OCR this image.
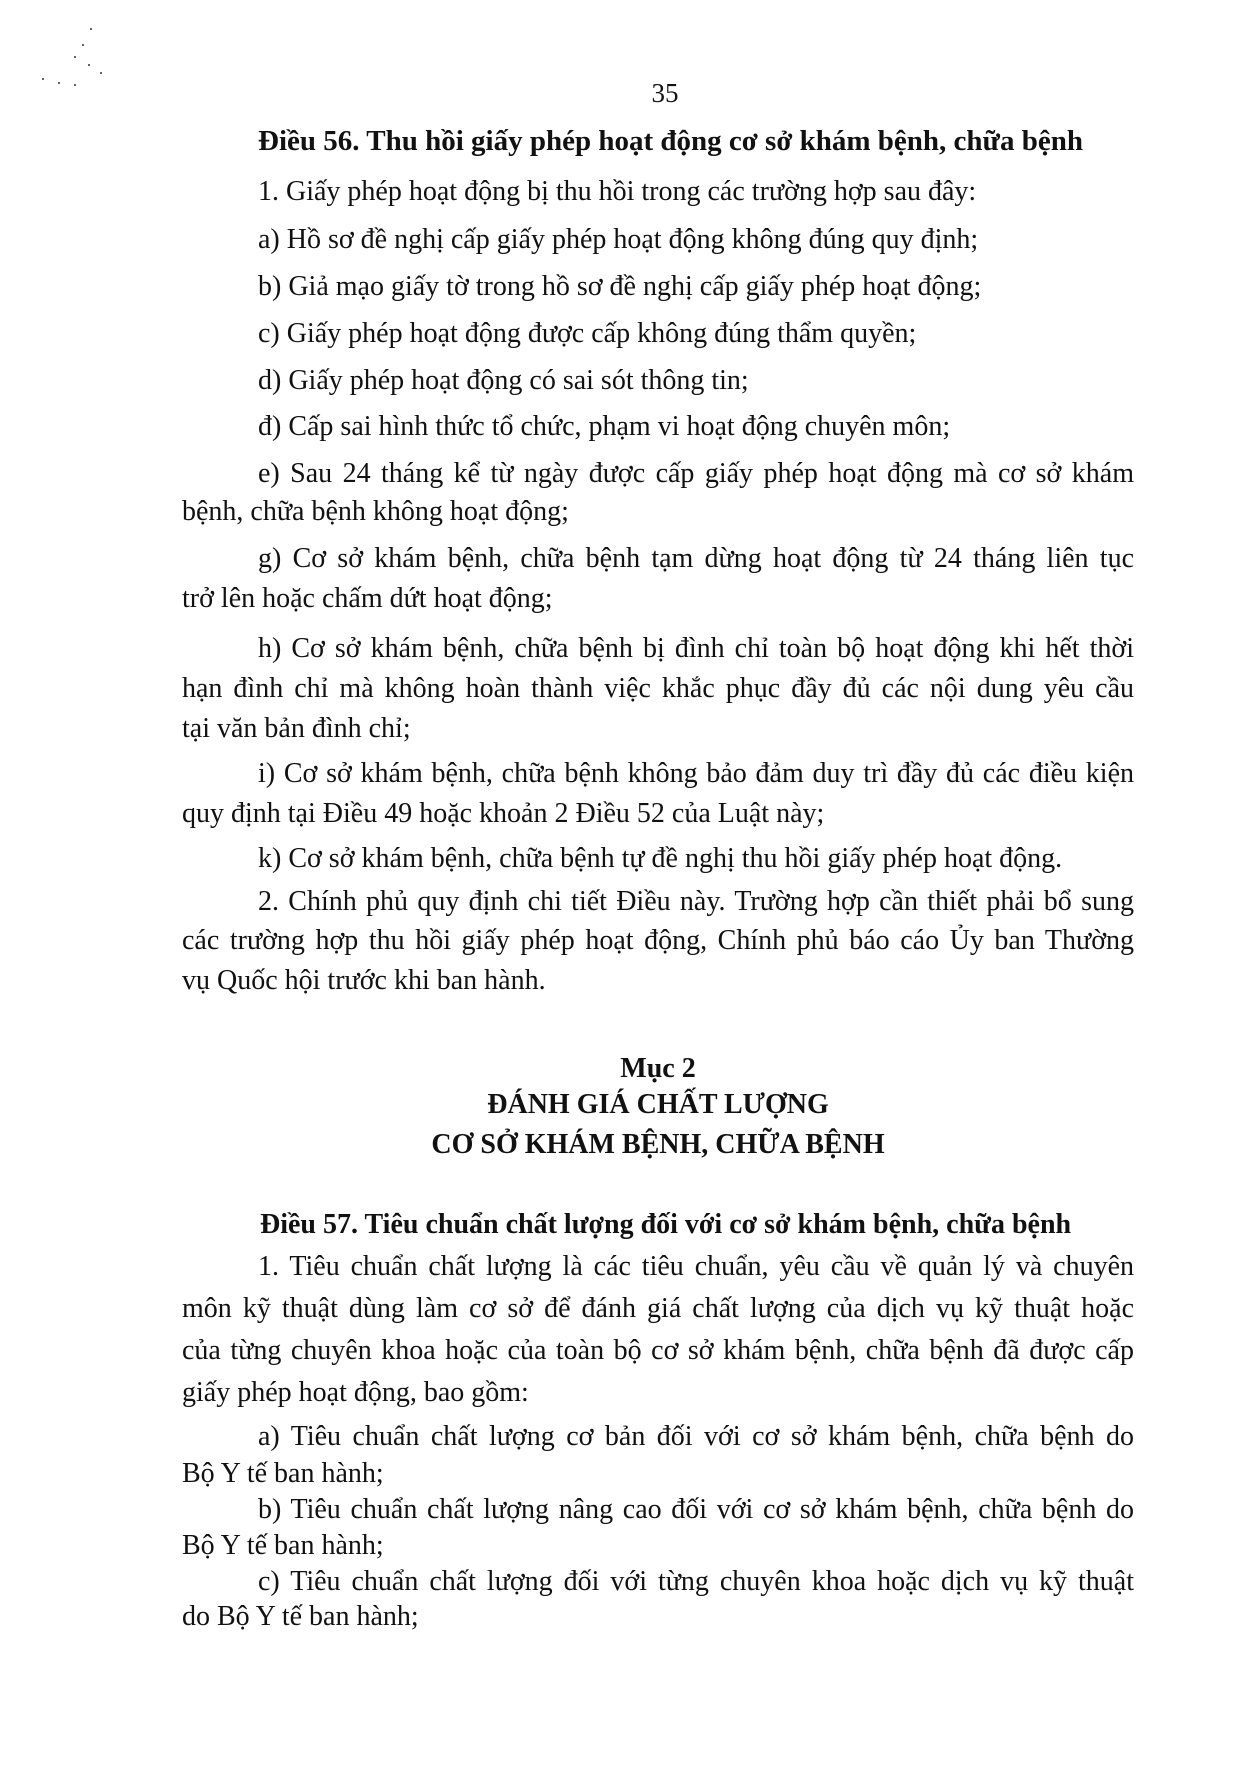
35
Điều 56. Thu hồi giấy phép hoạt động cơ sở khám bệnh, chữa bệnh
1. Giấy phép hoạt động bị thu hồi trong các trường hợp sau đây:
a) Hồ sơ đề nghị cấp giấy phép hoạt động không đúng quy định;
b) Giả mạo giấy tờ trong hồ sơ đề nghị cấp giấy phép hoạt động;
c) Giấy phép hoạt động được cấp không đúng thẩm quyền;
d) Giấy phép hoạt động có sai sót thông tin;
đ) Cấp sai hình thức tổ chức, phạm vi hoạt động chuyên môn;
e) Sau 24 tháng kể từ ngày được cấp giấy phép hoạt động mà cơ sở khám
bệnh, chữa bệnh không hoạt động;
g) Cơ sở khám bệnh, chữa bệnh tạm dừng hoạt động từ 24 tháng liên tục
trở lên hoặc chấm dứt hoạt động;
h) Cơ sở khám bệnh, chữa bệnh bị đình chỉ toàn bộ hoạt động khi hết thời
hạn đình chỉ mà không hoàn thành việc khắc phục đầy đủ các nội dung yêu cầu
tại văn bản đình chỉ;
i) Cơ sở khám bệnh, chữa bệnh không bảo đảm duy trì đầy đủ các điều kiện
quy định tại Điều 49 hoặc khoản 2 Điều 52 của Luật này;
k) Cơ sở khám bệnh, chữa bệnh tự đề nghị thu hồi giấy phép hoạt động.
2. Chính phủ quy định chi tiết Điều này. Trường hợp cần thiết phải bổ sung
các trường hợp thu hồi giấy phép hoạt động, Chính phủ báo cáo Ủy ban Thường
vụ Quốc hội trước khi ban hành.
Mục 2
ĐÁNH GIÁ CHẤT LƯỢNG
CƠ SỞ KHÁM BỆNH, CHỮA BỆNH
Điều 57. Tiêu chuẩn chất lượng đối với cơ sở khám bệnh, chữa bệnh
1. Tiêu chuẩn chất lượng là các tiêu chuẩn, yêu cầu về quản lý và chuyên
môn kỹ thuật dùng làm cơ sở để đánh giá chất lượng của dịch vụ kỹ thuật hoặc
của từng chuyên khoa hoặc của toàn bộ cơ sở khám bệnh, chữa bệnh đã được cấp
giấy phép hoạt động, bao gồm:
a) Tiêu chuẩn chất lượng cơ bản đối với cơ sở khám bệnh, chữa bệnh do
Bộ Y tế ban hành;
b) Tiêu chuẩn chất lượng nâng cao đối với cơ sở khám bệnh, chữa bệnh do
Bộ Y tế ban hành;
c) Tiêu chuẩn chất lượng đối với từng chuyên khoa hoặc dịch vụ kỹ thuật
do Bộ Y tế ban hành;
